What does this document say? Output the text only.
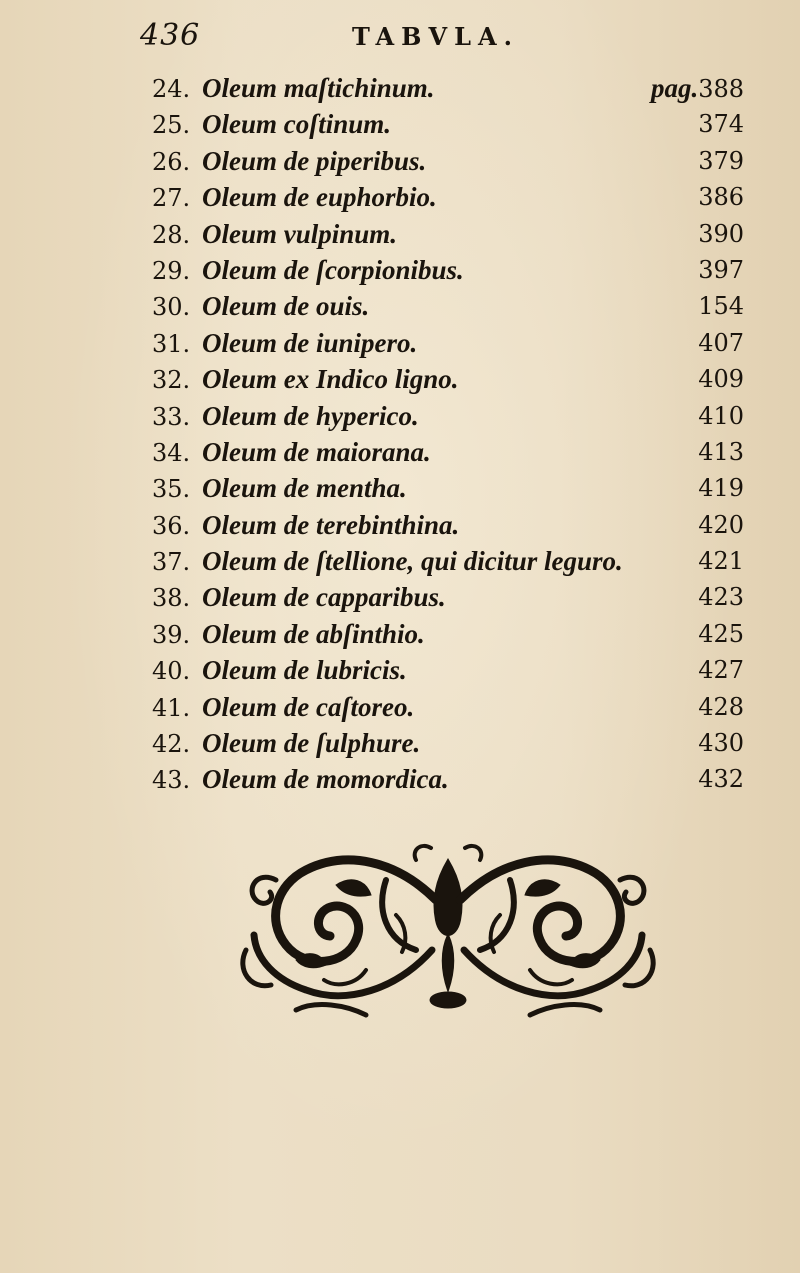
436	TABVLA.
24. Oleum maſtichinum.	pag.388
25. Oleum coſtinum.	374
26. Oleum de piperibus.	379
27. Oleum de euphorbio.	386
28. Oleum vulpinum.	390
29. Oleum de ſcorpionibus.	397
30. Oleum de ouis.	154
31. Oleum de iunipero.	407
32. Oleum ex Indico ligno.	409
33. Oleum de hyperico.	410
34. Oleum de maiorana.	413
35. Oleum de mentha.	419
36. Oleum de terebinthina.	420
37. Oleum de ſtellione, qui dicitur leguro.	421
38. Oleum de capparibus.	423
39. Oleum de abſinthio.	425
40. Oleum de lubricis.	427
41. Oleum de caſtoreo.	428
42. Oleum de ſulphure.	430
43. Oleum de momordica.	432
